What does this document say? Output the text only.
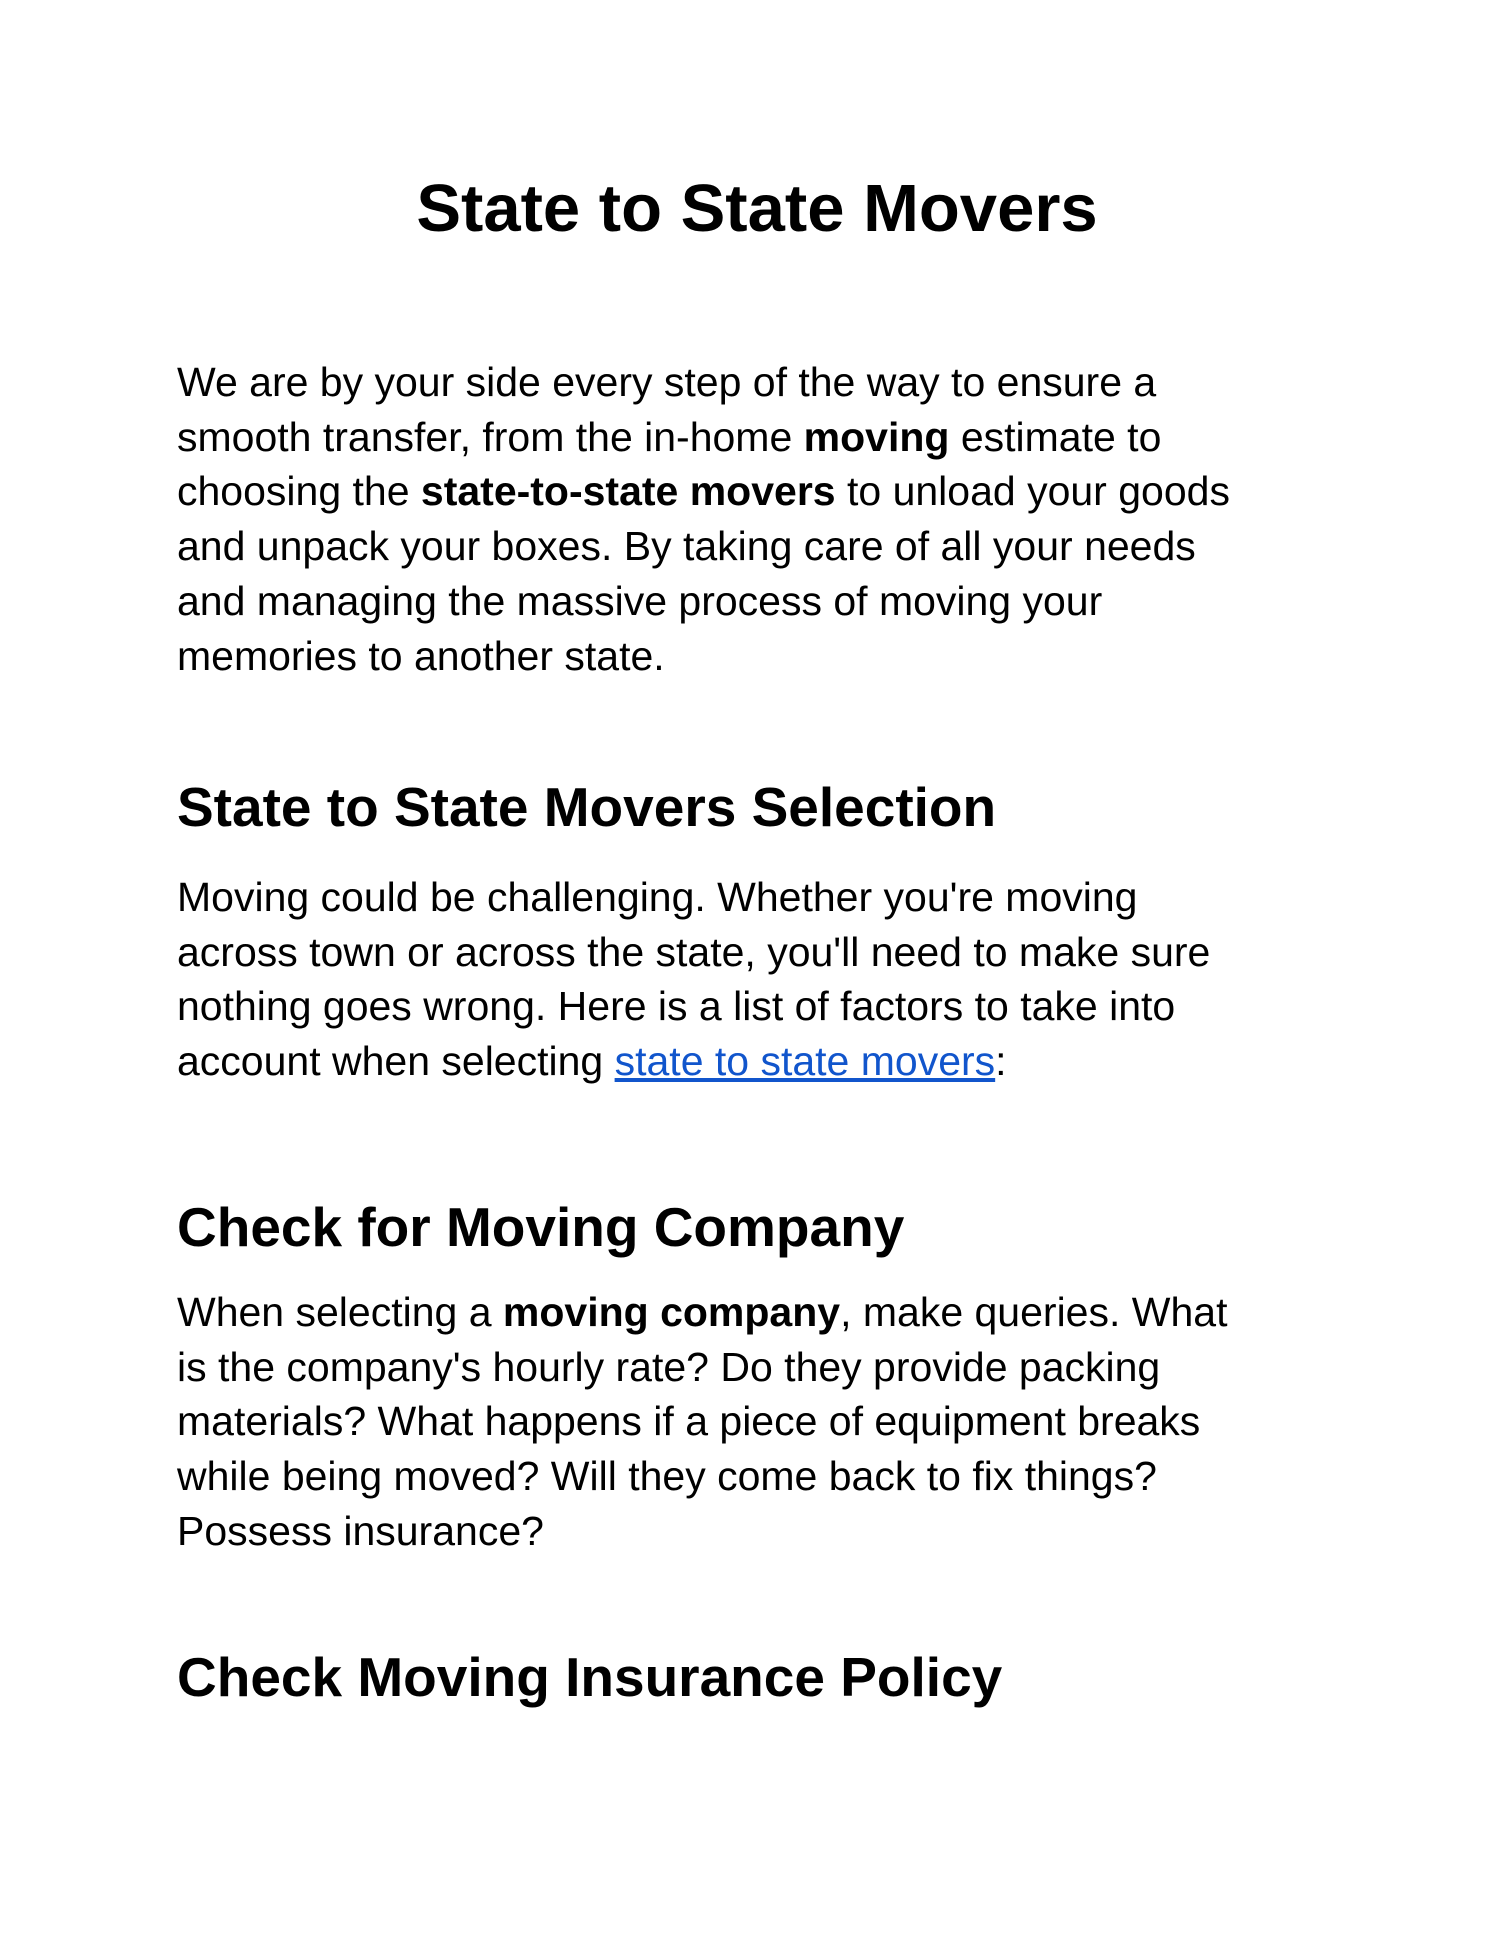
State to State Movers

We are by your side every step of the way to ensure a
smooth transfer, from the in-home moving estimate to
choosing the state-to-state movers to unload your goods
and unpack your boxes. By taking care of all your needs
and managing the massive process of moving your
memories to another state.

State to State Movers Selection

Moving could be challenging. Whether you're moving
across town or across the state, you'll need to make sure
nothing goes wrong. Here is a list of factors to take into
account when selecting state to state movers:

Check for Moving Company

When selecting a moving company, make queries. What
is the company's hourly rate? Do they provide packing
materials? What happens if a piece of equipment breaks
while being moved? Will they come back to fix things?
Possess insurance?

Check Moving Insurance Policy
